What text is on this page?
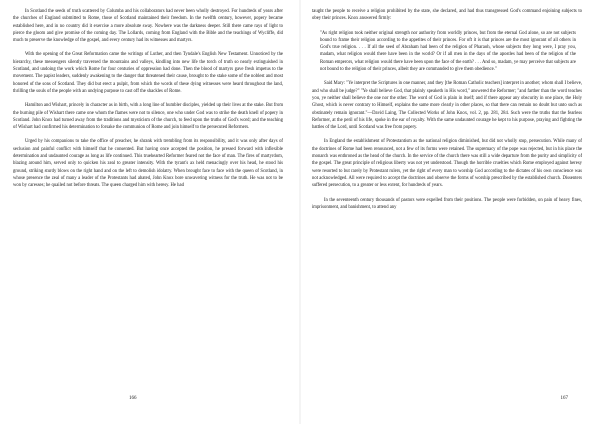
In Scotland the seeds of truth scattered by Columba and his collaborators had never been wholly destroyed. For hundreds of years after the churches of England submitted to Rome, those of Scotland maintained their freedom. In the twelfth century, however, popery became established here, and in no country did it exercise a more absolute sway. Nowhere was the darkness deeper. Still there came rays of light to pierce the gloom and give promise of the coming day. The Lollards, coming from England with the Bible and the teachings of Wycliffe, did much to preserve the knowledge of the gospel, and every century had its witnesses and martyrs.

With the opening of the Great Reformation came the writings of Luther, and then Tyndale's English New Testament. Unnoticed by the hierarchy, these messengers silently traversed the mountains and valleys, kindling into new life the torch of truth so nearly extinguished in Scotland, and undoing the work which Rome for four centuries of oppression had done. Then the blood of martyrs gave fresh impetus to the movement. The papist leaders, suddenly awakening to the danger that threatened their cause, brought to the stake some of the noblest and most honored of the sons of Scotland. They did but erect a pulpit, from which the words of these dying witnesses were heard throughout the land, thrilling the souls of the people with an undying purpose to cast off the shackles of Rome.

Hamilton and Wishart, princely in character as in birth, with a long line of humbler disciples, yielded up their lives at the stake. But from the burning pile of Wishart there came one whom the flames were not to silence, one who under God was to strike the death knell of popery in Scotland. John Knox had turned away from the traditions and mysticism of the church, to feed upon the truths of God's word; and the teaching of Wishart had confirmed his determination to forsake the communion of Rome and join himself to the persecuted Reformers.

Urged by his companions to take the office of preacher, he shrank with trembling from its responsibility, and it was only after days of seclusion and painful conflict with himself that he consented. But having once accepted the position, he pressed forward with inflexible determination and undaunted courage as long as life continued. This truehearted Reformer feared not the face of man. The fires of martyrdom, blazing around him, served only to quicken his zeal to greater intensity. With the tyrant's ax held menacingly over his head, he stood his ground, striking sturdy blows on the right hand and on the left to demolish idolatry. When brought face to face with the queen of Scotland, in whose presence the zeal of many a leader of the Protestants had abated, John Knox bore unwavering witness for the truth. He was not to be won by caresses; he quailed not before threats. The queen charged him with heresy. He had

166

taught the people to receive a religion prohibited by the state, she declared, and had thus transgressed God's command enjoining subjects to obey their princes. Knox answered firmly:

"As right religion took neither original strength nor authority from worldly princes, but from the eternal God alone, so are not subjects bound to frame their religion according to the appetites of their princes. For oft it is that princes are the most ignorant of all others in God's true religion. . . . If all the seed of Abraham had been of the religion of Pharaoh, whose subjects they long were, I pray you, madam, what religion would there have been in the world? Or if all men in the days of the apostles had been of the religion of the Roman emperors, what religion would there have been upon the face of the earth? . . . And so, madam, ye may perceive that subjects are not bound to the religion of their princes, albeit they are commanded to give them obedience."

Said Mary: "Ye interpret the Scriptures in one manner, and they [the Roman Catholic teachers] interpret in another; whom shall I believe, and who shall be judge?" "Ye shall believe God, that plainly speaketh in His word," answered the Reformer; "and farther than the word teaches you, ye neither shall believe the one nor the other. The word of God is plain in itself; and if there appear any obscurity in one place, the Holy Ghost, which is never contrary to Himself, explains the same more clearly in other places, so that there can remain no doubt but unto such as obstinately remain ignorant."—David Laing, The Collected Works of John Knox, vol. 2, pp. 281, 284. Such were the truths that the fearless Reformer, at the peril of his life, spoke in the ear of royalty. With the same undaunted courage he kept to his purpose, praying and fighting the battles of the Lord, until Scotland was free from popery.

In England the establishment of Protestantism as the national religion diminished, but did not wholly stop, persecution. While many of the doctrines of Rome had been renounced, not a few of its forms were retained. The supremacy of the pope was rejected, but in his place the monarch was enthroned as the head of the church. In the service of the church there was still a wide departure from the purity and simplicity of the gospel. The great principle of religious liberty was not yet understood. Though the horrible cruelties which Rome employed against heresy were resorted to but rarely by Protestant rulers, yet the right of every man to worship God according to the dictates of his own conscience was not acknowledged. All were required to accept the doctrines and observe the forms of worship prescribed by the established church. Dissenters suffered persecution, to a greater or less extent, for hundreds of years.

In the seventeenth century thousands of pastors were expelled from their positions. The people were forbidden, on pain of heavy fines, imprisonment, and banishment, to attend any

167
